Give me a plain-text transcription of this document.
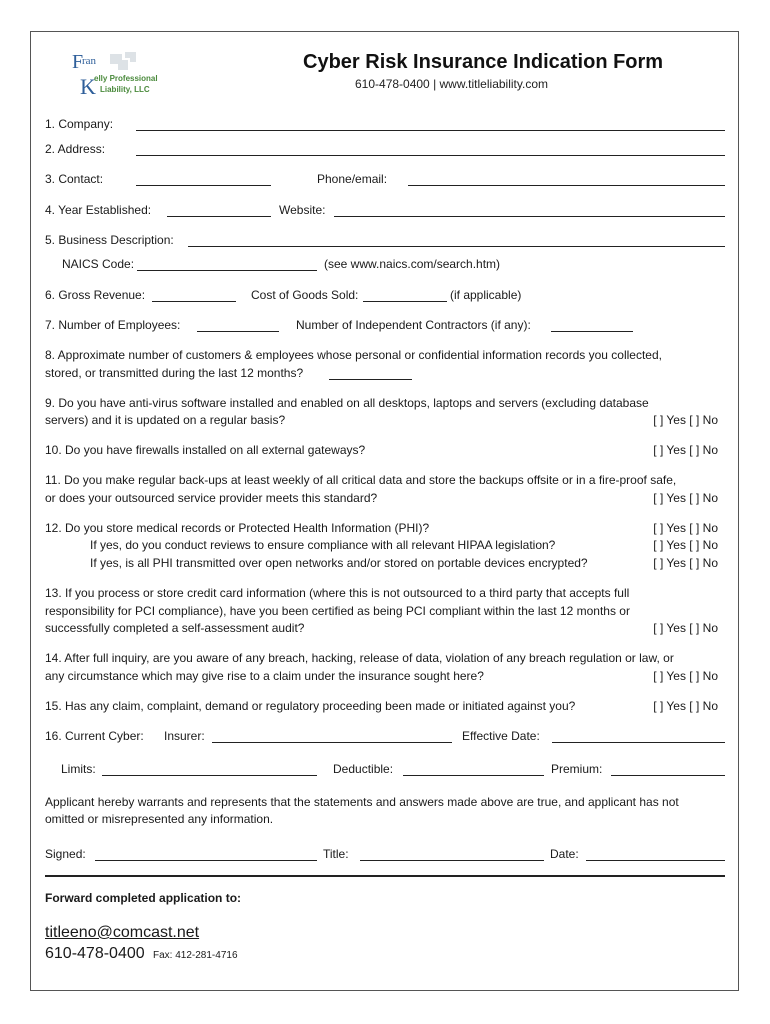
F
ran
K
elly Professional
Liability, LLC
Cyber Risk Insurance Indication Form
610-478-0400 | www.titleliability.com
1. Company:
2. Address:
3. Contact:	Phone/email:
4. Year Established:	Website:
5. Business Description:
NAICS Code:	(see www.naics.com/search.htm)
6. Gross Revenue:	Cost of Goods Sold:	(if applicable)
7. Number of Employees:	Number of Independent Contractors (if any):
8. Approximate number of customers & employees whose personal or confidential information records you collected,
stored, or transmitted during the last 12 months?
9. Do you have anti-virus software installed and enabled on all desktops, laptops and servers (excluding database
servers) and it is updated on a regular basis?	[ ] Yes [ ] No
10. Do you have firewalls installed on all external gateways?	[ ] Yes [ ] No
11. Do you make regular back-ups at least weekly of all critical data and store the backups offsite or in a fire-proof safe,
or does your outsourced service provider meets this standard?	[ ] Yes [ ] No
12. Do you store medical records or Protected Health Information (PHI)?	[ ] Yes [ ] No
If yes, do you conduct reviews to ensure compliance with all relevant HIPAA legislation?	[ ] Yes [ ] No
If yes, is all PHI transmitted over open networks and/or stored on portable devices encrypted?	[ ] Yes [ ] No
13. If you process or store credit card information (where this is not outsourced to a third party that accepts full
responsibility for PCI compliance), have you been certified as being PCI compliant within the last 12 months or
successfully completed a self-assessment audit?	[ ] Yes [ ] No
14. After full inquiry, are you aware of any breach, hacking, release of data, violation of any breach regulation or law, or
any circumstance which may give rise to a claim under the insurance sought here?	[ ] Yes [ ] No
15. Has any claim, complaint, demand or regulatory proceeding been made or initiated against you?	[ ] Yes [ ] No
16. Current Cyber: Insurer:	Effective Date:
Limits:	Deductible:	Premium:
Applicant hereby warrants and represents that the statements and answers made above are true, and applicant has not
omitted or misrepresented any information.
Signed:	Title:	Date:
Forward completed application to:
titleeno@comcast.net
610-478-0400 Fax: 412-281-4716
